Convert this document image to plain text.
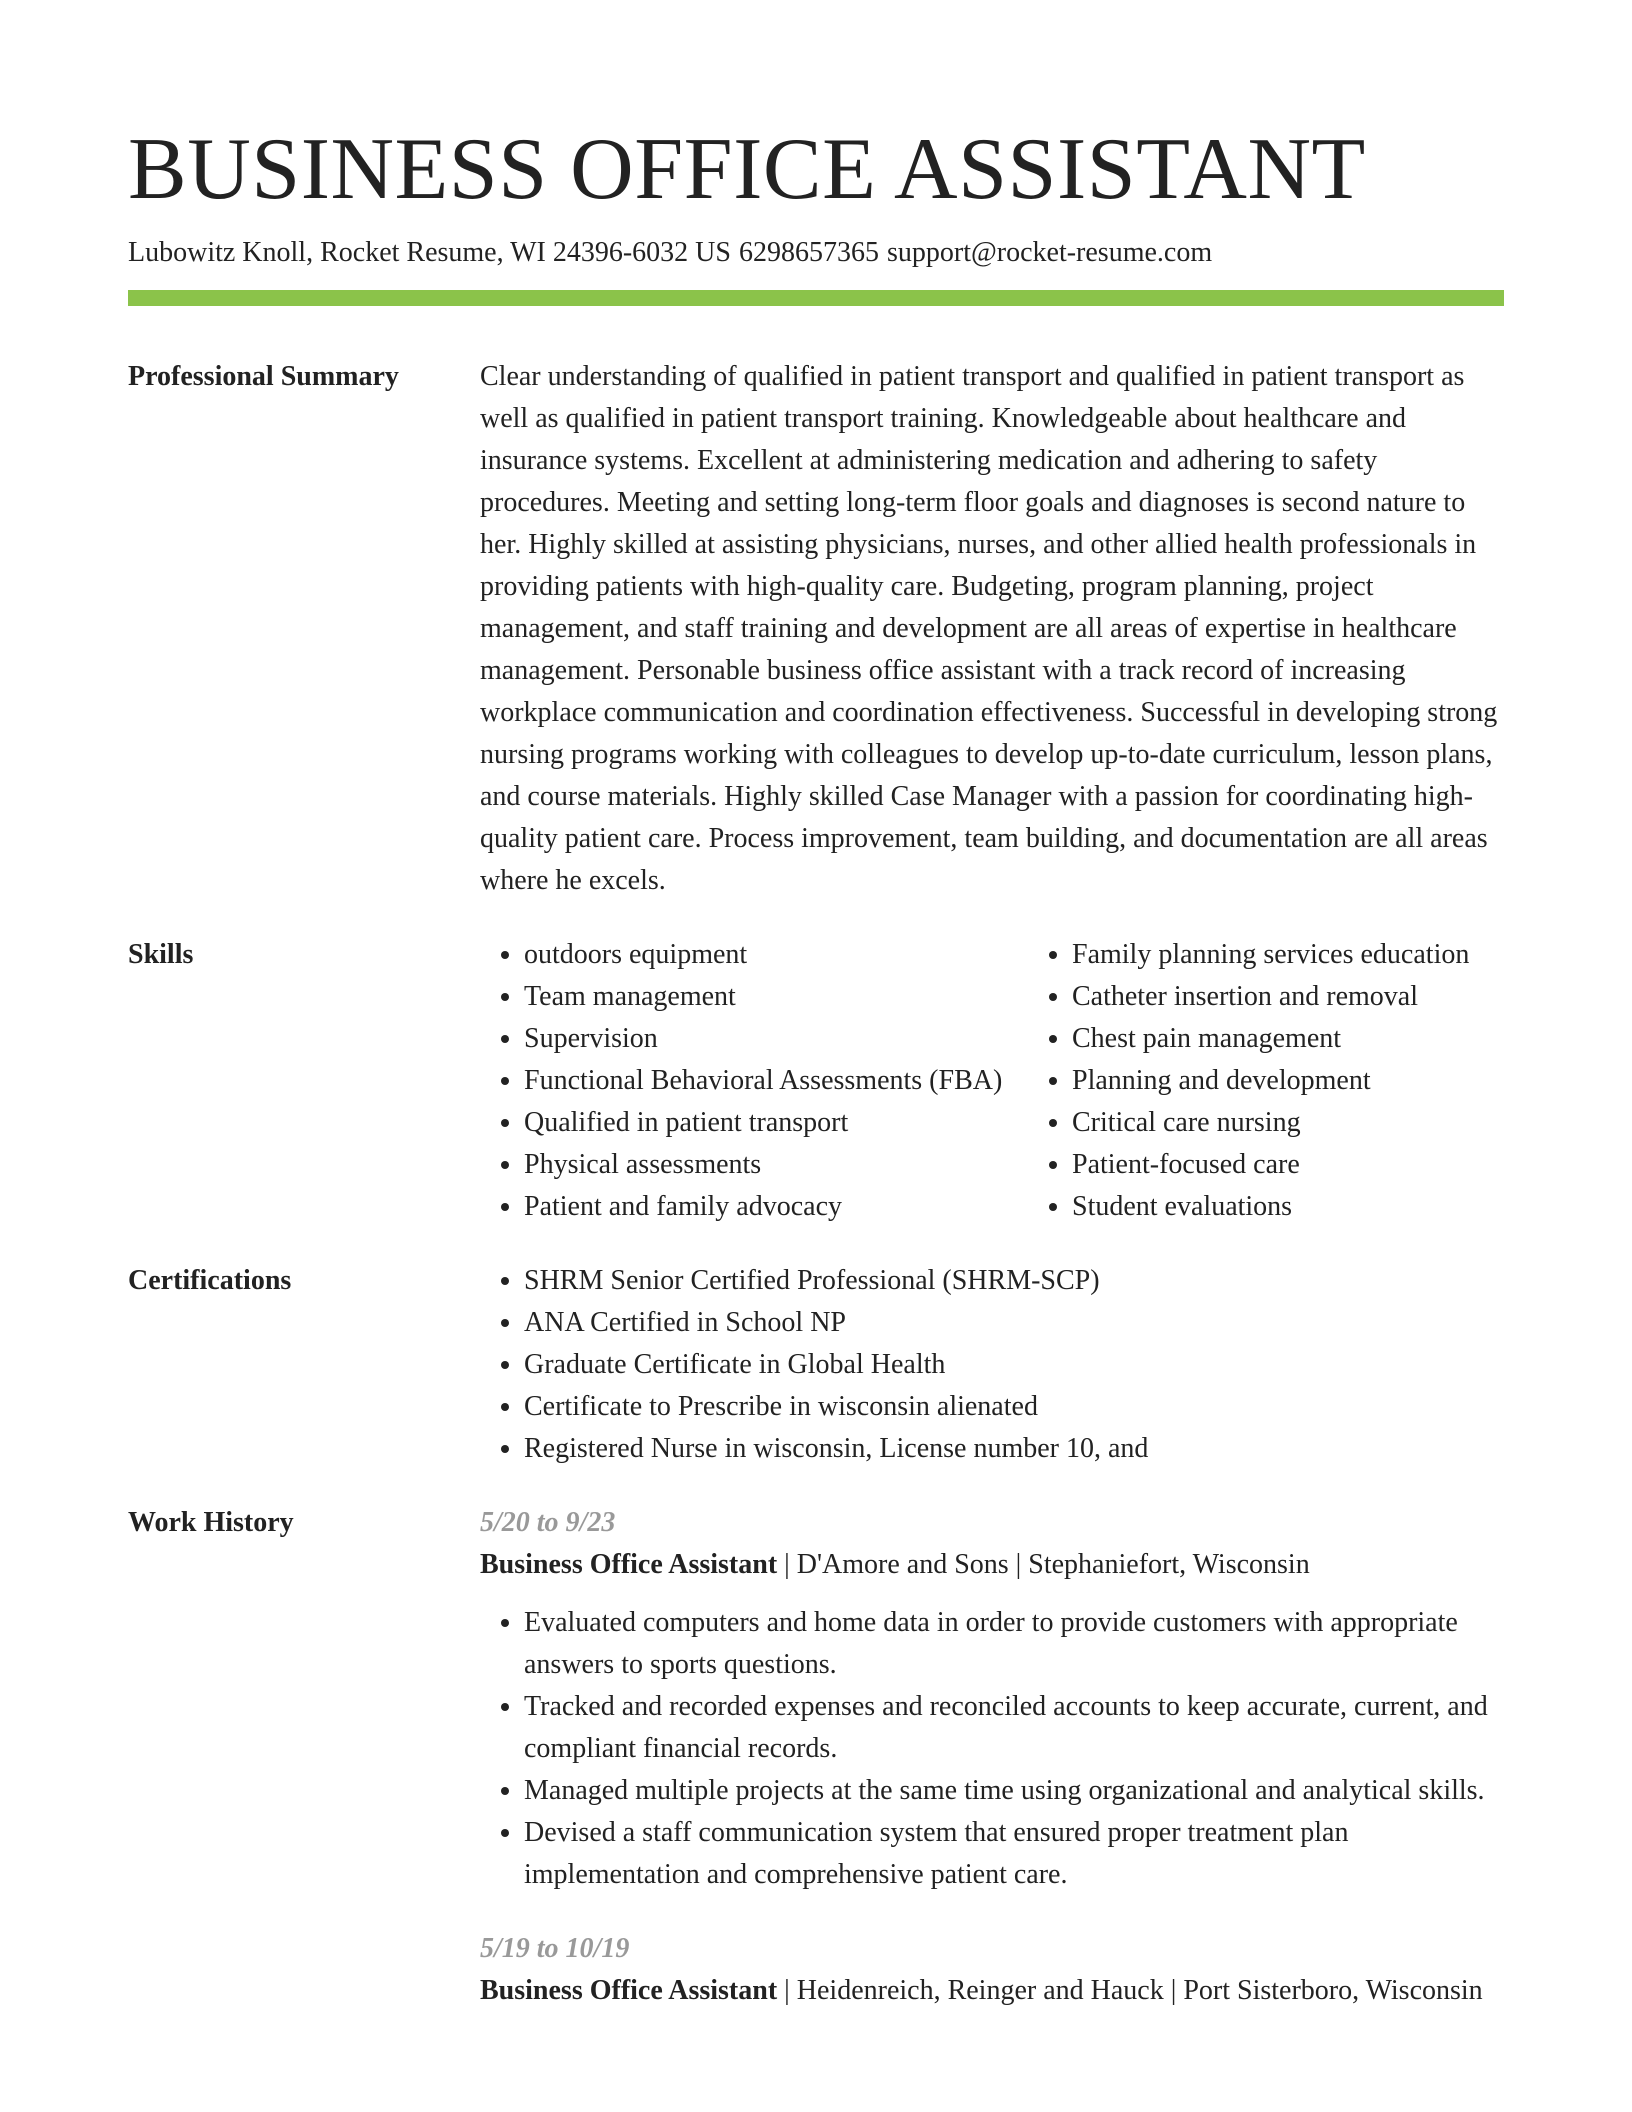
BUSINESS OFFICE ASSISTANT
Lubowitz Knoll, Rocket Resume, WI 24396-6032 US 6298657365 support@rocket-resume.com
Professional Summary	Clear understanding of qualified in patient transport and qualified in patient transport as well as qualified in patient transport training. Knowledgeable about healthcare and insurance systems. Excellent at administering medication and adhering to safety procedures. Meeting and setting long-term floor goals and diagnoses is second nature to her. Highly skilled at assisting physicians, nurses, and other allied health professionals in providing patients with high-quality care. Budgeting, program planning, project management, and staff training and development are all areas of expertise in healthcare management. Personable business office assistant with a track record of increasing workplace communication and coordination effectiveness. Successful in developing strong nursing programs working with colleagues to develop up-to-date curriculum, lesson plans, and course materials. Highly skilled Case Manager with a passion for coordinating high-quality patient care. Process improvement, team building, and documentation are all areas where he excels.

Skills	• outdoors equipment
• Team management
• Supervision
• Functional Behavioral Assessments (FBA)
• Qualified in patient transport
• Physical assessments
• Patient and family advocacy
• Family planning services education
• Catheter insertion and removal
• Chest pain management
• Planning and development
• Critical care nursing
• Patient-focused care
• Student evaluations
Certifications	• SHRM Senior Certified Professional (SHRM-SCP)
• ANA Certified in School NP
• Graduate Certificate in Global Health
• Certificate to Prescribe in wisconsin alienated
• Registered Nurse in wisconsin, License number 10, and
Work History	5/20 to 9/23
Business Office Assistant | D'Amore and Sons | Stephaniefort, Wisconsin
• Evaluated computers and home data in order to provide customers with appropriate answers to sports questions.
• Tracked and recorded expenses and reconciled accounts to keep accurate, current, and compliant financial records.
• Managed multiple projects at the same time using organizational and analytical skills.
• Devised a staff communication system that ensured proper treatment plan implementation and comprehensive patient care.
5/19 to 10/19
Business Office Assistant | Heidenreich, Reinger and Hauck | Port Sisterboro, Wisconsin
